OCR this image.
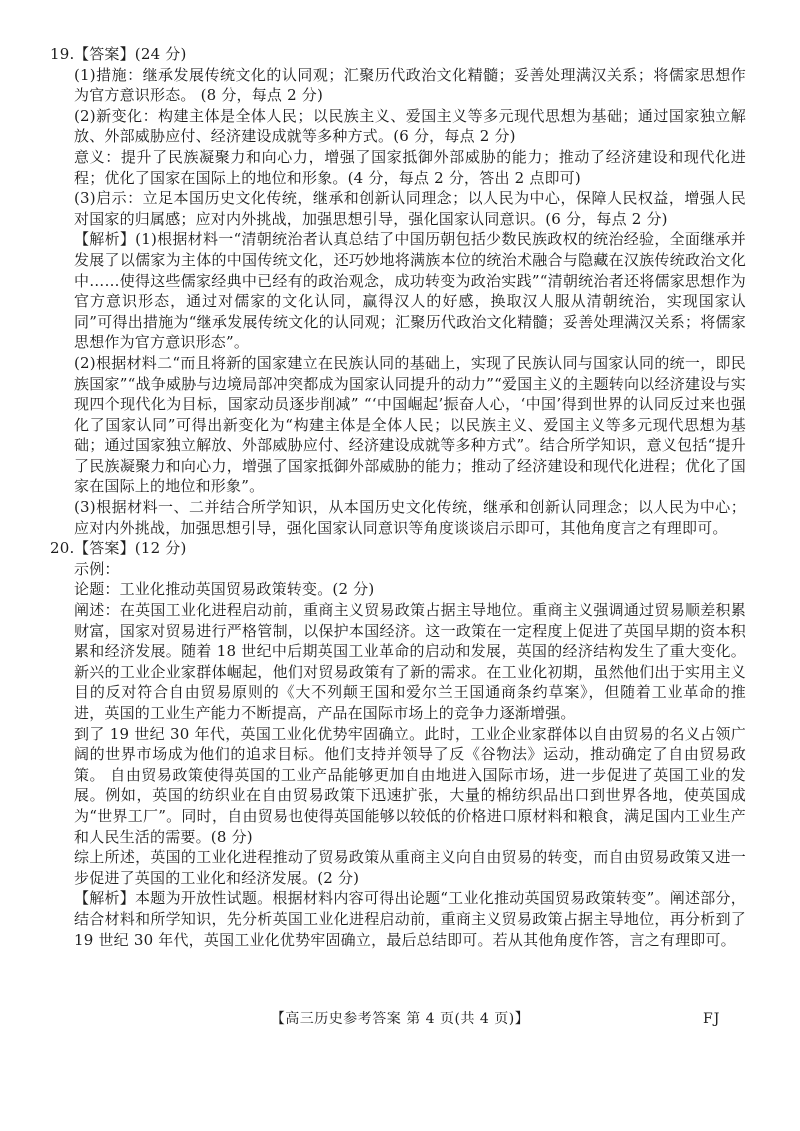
19. 【答案】(24 分)

(1)措施：继承发展传统文化的认同观；汇聚历代政治文化精髓；妥善处理满汉关系；将儒家思想作为官方意识形态。 (8 分，每点 2 分)

(2)新变化：构建主体是全体人民；以民族主义、爱国主义等多元现代思想为基础；通过国家独立解放、外部威胁应付、经济建设成就等多种方式。(6 分，每点 2 分)

意义：提升了民族凝聚力和向心力，增强了国家抵御外部威胁的能力；推动了经济建设和现代化进程；优化了国家在国际上的地位和形象。(4 分，每点 2 分，答出 2 点即可)

(3)启示：立足本国历史文化传统，继承和创新认同理念；以人民为中心，保障人民权益，增强人民对国家的归属感；应对内外挑战，加强思想引导，强化国家认同意识。(6 分，每点 2 分)

【解析】(1)根据材料一“清朝统治者认真总结了中国历朝包括少数民族政权的统治经验，全面继承并发展了以儒家为主体的中国传统文化，还巧妙地将满族本位的统治术融合与隐藏在汉族传统政治文化中……使得这些儒家经典中已经有的政治观念，成功转变为政治实践”“清朝统治者还将儒家思想作为官方意识形态，通过对儒家的文化认同，赢得汉人的好感，换取汉人服从清朝统治，实现国家认同”可得出措施为“继承发展传统文化的认同观；汇聚历代政治文化精髓；妥善处理满汉关系；将儒家思想作为官方意识形态”。

(2)根据材料二“而且将新的国家建立在民族认同的基础上，实现了民族认同与国家认同的统一，即民族国家”“战争威胁与边境局部冲突都成为国家认同提升的动力”“爱国主义的主题转向以经济建设与实现四个现代化为目标，国家动员逐步削减” “‘中国崛起’振奋人心，‘中国’得到世界的认同反过来也强化了国家认同”可得出新变化为“构建主体是全体人民；以民族主义、爱国主义等多元现代思想为基础；通过国家独立解放、外部威胁应付、经济建设成就等多种方式”。结合所学知识，意义包括“提升了民族凝聚力和向心力，增强了国家抵御外部威胁的能力；推动了经济建设和现代化进程；优化了国家在国际上的地位和形象”。

(3)根据材料一、二并结合所学知识，从本国历史文化传统，继承和创新认同理念；以人民为中心；应对内外挑战，加强思想引导，强化国家认同意识等角度谈谈启示即可，其他角度言之有理即可。

20. 【答案】(12 分)

示例：

论题：工业化推动英国贸易政策转变。(2 分)

阐述：在英国工业化进程启动前，重商主义贸易政策占据主导地位。重商主义强调通过贸易顺差积累财富，国家对贸易进行严格管制，以保护本国经济。这一政策在一定程度上促进了英国早期的资本积累和经济发展。随着 18 世纪中后期英国工业革命的启动和发展，英国的经济结构发生了重大变化。新兴的工业企业家群体崛起，他们对贸易政策有了新的需求。在工业化初期，虽然他们出于实用主义目的反对符合自由贸易原则的《大不列颠王国和爱尔兰王国通商条约草案》，但随着工业革命的推进，英国的工业生产能力不断提高，产品在国际市场上的竞争力逐渐增强。

到了 19 世纪 30 年代，英国工业化优势牢固确立。此时，工业企业家群体以自由贸易的名义占领广阔的世界市场成为他们的追求目标。他们支持并领导了反《谷物法》运动，推动确定了自由贸易政策。 自由贸易政策使得英国的工业产品能够更加自由地进入国际市场，进一步促进了英国工业的发展。例如，英国的纺织业在自由贸易政策下迅速扩张，大量的棉纺织品出口到世界各地，使英国成为“世界工厂”。同时，自由贸易也使得英国能够以较低的价格进口原材料和粮食，满足国内工业生产和人民生活的需要。(8 分)

综上所述，英国的工业化进程推动了贸易政策从重商主义向自由贸易的转变，而自由贸易政策又进一步促进了英国的工业化和经济发展。(2 分)

【解析】本题为开放性试题。根据材料内容可得出论题“工业化推动英国贸易政策转变”。阐述部分，结合材料和所学知识，先分析英国工业化进程启动前，重商主义贸易政策占据主导地位，再分析到了 19 世纪 30 年代，英国工业化优势牢固确立，最后总结即可。若从其他角度作答，言之有理即可。

【高三历史参考答案 第 4 页(共 4 页)】	FJ
